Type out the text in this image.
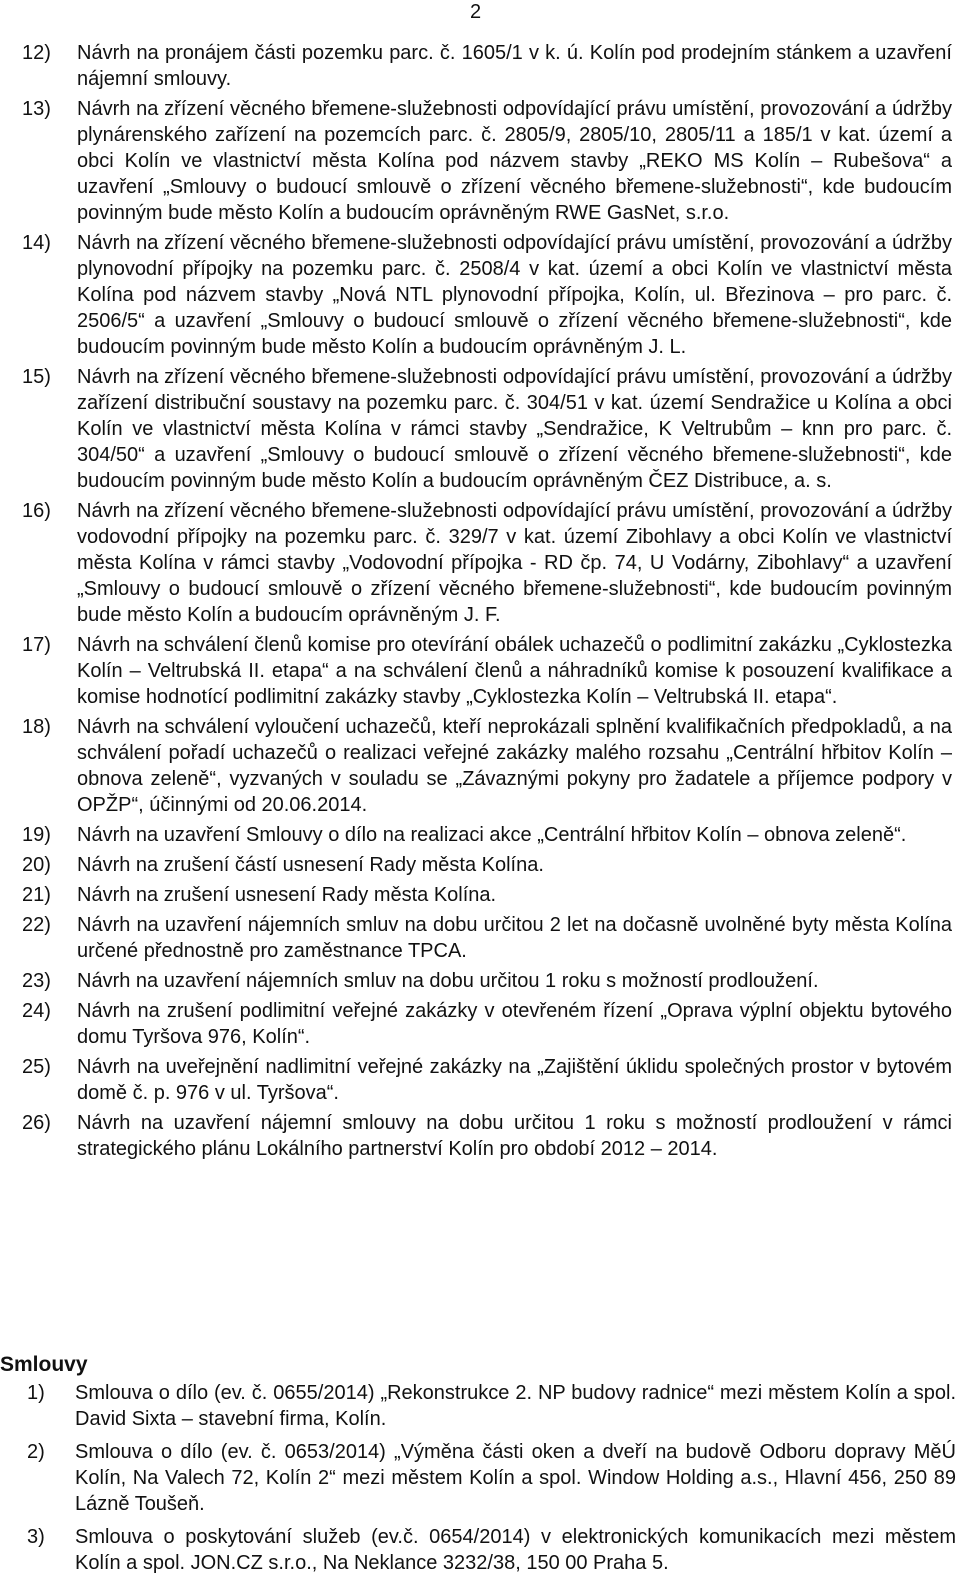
2
12) Návrh na pronájem části pozemku parc. č. 1605/1 v k. ú. Kolín pod prodejním stánkem a uzavření nájemní smlouvy.
13) Návrh na zřízení věcného břemene-služebnosti odpovídající právu umístění, provozování a údržby plynárenského zařízení na pozemcích parc. č. 2805/9, 2805/10, 2805/11 a 185/1 v kat. území a obci Kolín ve vlastnictví města Kolína pod názvem stavby „REKO MS Kolín – Rubešova“ a uzavření „Smlouvy o budoucí smlouvě o zřízení věcného břemene-služebnosti“, kde budoucím povinným bude město Kolín a budoucím oprávněným RWE GasNet, s.r.o.
14) Návrh na zřízení věcného břemene-služebnosti odpovídající právu umístění, provozování a údržby plynovodní přípojky na pozemku parc. č. 2508/4 v kat. území a obci Kolín ve vlastnictví města Kolína pod názvem stavby „Nová NTL plynovodní přípojka, Kolín, ul. Březinova – pro parc. č. 2506/5“ a uzavření „Smlouvy o budoucí smlouvě o zřízení věcného břemene-služebnosti“, kde budoucím povinným bude město Kolín a budoucím oprávněným J. L.
15) Návrh na zřízení věcného břemene-služebnosti odpovídající právu umístění, provozování a údržby zařízení distribuční soustavy na pozemku parc. č. 304/51 v kat. území Sendražice u Kolína a obci Kolín ve vlastnictví města Kolína v rámci stavby „Sendražice, K Veltrubům – knn pro parc. č. 304/50“ a uzavření „Smlouvy o budoucí smlouvě o zřízení věcného břemene-služebnosti“, kde budoucím povinným bude město Kolín a budoucím oprávněným ČEZ Distribuce, a. s.
16) Návrh na zřízení věcného břemene-služebnosti odpovídající právu umístění, provozování a údržby vodovodní přípojky na pozemku parc. č. 329/7 v kat. území Zibohlavy a obci Kolín ve vlastnictví města Kolína v rámci stavby „Vodovodní přípojka - RD čp. 74, U Vodárny, Zibohlavy“ a uzavření „Smlouvy o budoucí smlouvě o zřízení věcného břemene-služebnosti“, kde budoucím povinným bude město Kolín a budoucím oprávněným J. F.
17) Návrh na schválení členů komise pro otevírání obálek uchazečů o podlimitní zakázku „Cyklostezka Kolín – Veltrubská II. etapa“ a na schválení členů a náhradníků komise k posouzení kvalifikace a komise hodnotící podlimitní zakázky stavby „Cyklostezka Kolín – Veltrubská II. etapa“.
18) Návrh na schválení vyloučení uchazečů, kteří neprokázali splnění kvalifikačních předpokladů, a na schválení pořadí uchazečů o realizaci veřejné zakázky malého rozsahu „Centrální hřbitov Kolín – obnova zeleně“, vyzvaných v souladu se „Závaznými pokyny pro žadatele a příjemce podpory v OPŽP“, účinnými od 20.06.2014.
19) Návrh na uzavření Smlouvy o dílo na realizaci akce „Centrální hřbitov Kolín – obnova zeleně“.
20) Návrh na zrušení částí usnesení Rady města Kolína.
21) Návrh na zrušení usnesení Rady města Kolína.
22) Návrh na uzavření nájemních smluv na dobu určitou 2 let na dočasně uvolněné byty města Kolína určené přednostně pro zaměstnance TPCA.
23) Návrh na uzavření nájemních smluv na dobu určitou 1 roku s možností prodloužení.
24) Návrh na zrušení podlimitní veřejné zakázky v otevřeném řízení „Oprava výplní objektu bytového domu Tyršova 976, Kolín“.
25) Návrh na uveřejnění nadlimitní veřejné zakázky na „Zajištění úklidu společných prostor v bytovém domě č. p. 976 v ul. Tyršova“.
26) Návrh na uzavření nájemní smlouvy na dobu určitou 1 roku s možností prodloužení v rámci strategického plánu Lokálního partnerství Kolín pro období 2012 – 2014.
Smlouvy
1) Smlouva o dílo (ev. č. 0655/2014) „Rekonstrukce 2. NP budovy radnice“ mezi městem Kolín a spol. David Sixta – stavební firma, Kolín.
2) Smlouva o dílo (ev. č. 0653/2014) „Výměna části oken a dveří na budově Odboru dopravy MěÚ Kolín, Na Valech 72, Kolín 2“ mezi městem Kolín a spol. Window Holding a.s., Hlavní 456, 250 89 Lázně Toušeň.
3) Smlouva o poskytování služeb (ev.č. 0654/2014) v elektronických komunikacích mezi městem Kolín a spol. JON.CZ s.r.o., Na Neklance 3232/38, 150 00 Praha 5.
